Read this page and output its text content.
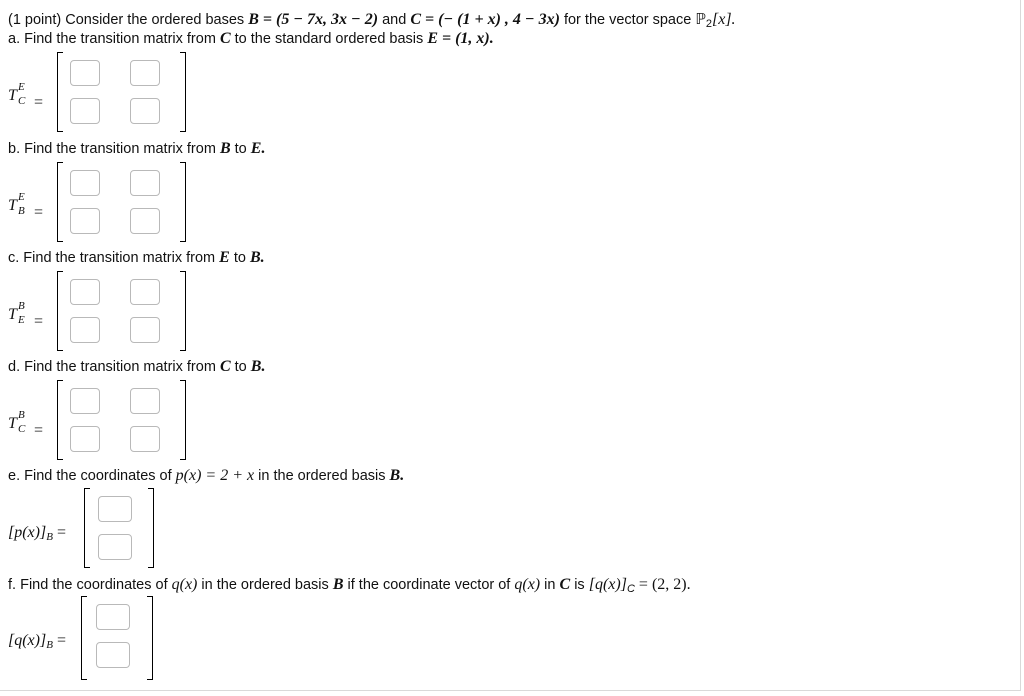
(1 point) Consider the ordered bases B = (5 − 7x, 3x − 2) and C = (− (1 + x) , 4 − 3x) for the vector space ℙ$_2$[x].
a. Find the transition matrix from C to the standard ordered basis E = (1, x).
T E
C =
b. Find the transition matrix from B to E.
T E
B =
c. Find the transition matrix from E to B.
T B
E =
d. Find the transition matrix from C to B.
T B
C =
e. Find the coordinates of p(x) = 2 + x in the ordered basis B.
$[p(x)]_B$ =
f. Find the coordinates of q(x) in the ordered basis B if the coordinate vector of q(x) in C is $[q(x)]_C = (2$, 2).
$[q(x)]_B$ =
